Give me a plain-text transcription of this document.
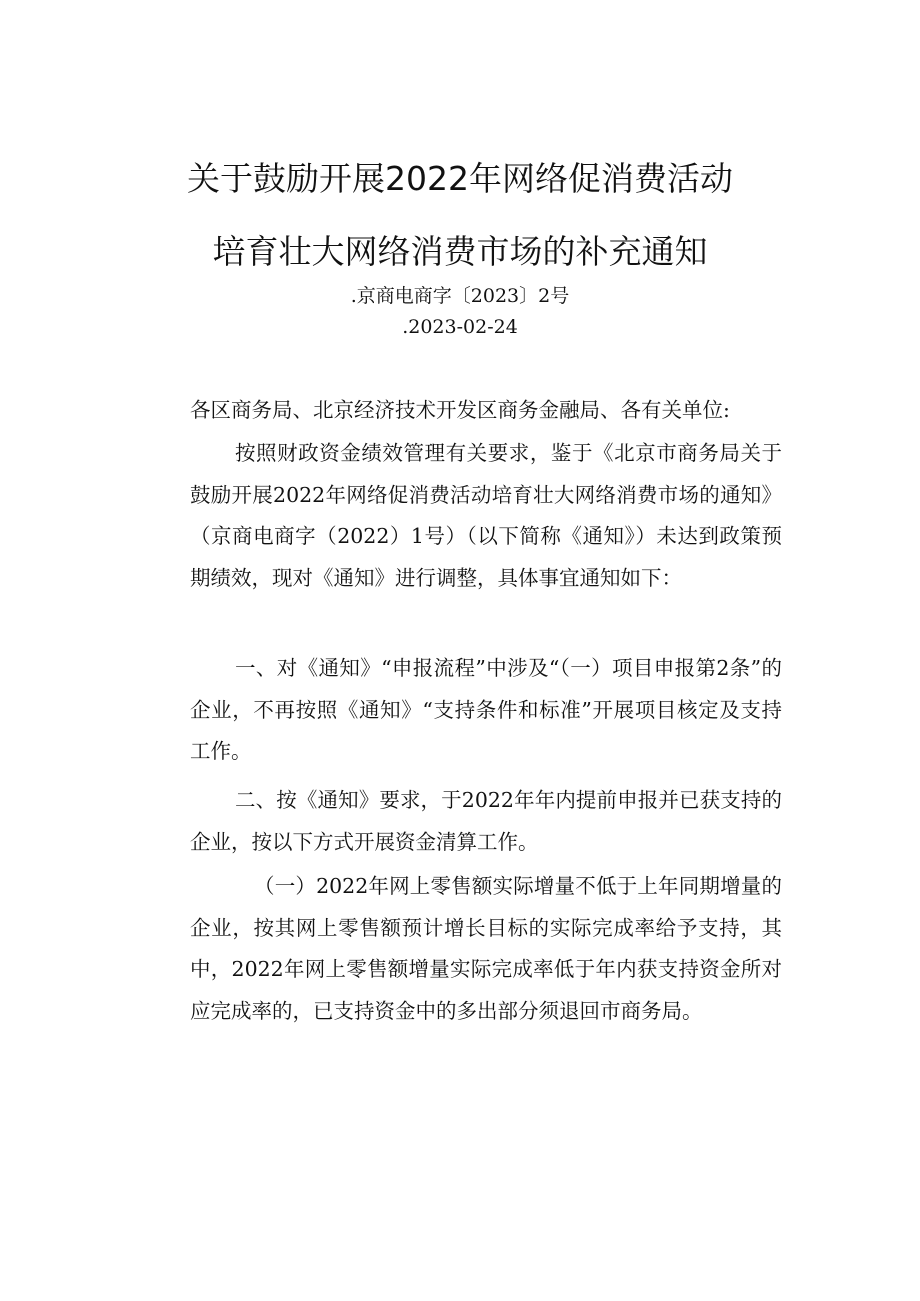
关于鼓励开展2022年网络促消费活动
培育壮大网络消费市场的补充通知
.京商电商字〔2023〕2号
.2023-02-24
各区商务局、北京经济技术开发区商务金融局、各有关单位:

按照财政资金绩效管理有关要求，鉴于《北京市商务局关于鼓励开展2022年网络促消费活动培育壮大网络消费市场的通知》（京商电商字（2022）1号）（以下简称《通知》）未达到政策预期绩效，现对《通知》进行调整，具体事宜通知如下：

一、对《通知》“申报流程”中涉及“（一）项目申报第2条”的企业，不再按照《通知》“支持条件和标准”开展项目核定及支持工作。

二、按《通知》要求，于2022年年内提前申报并已获支持的企业，按以下方式开展资金清算工作。

（一）2022年网上零售额实际增量不低于上年同期增量的企业，按其网上零售额预计增长目标的实际完成率给予支持，其中，2022年网上零售额增量实际完成率低于年内获支持资金所对应完成率的，已支持资金中的多出部分须退回市商务局。
